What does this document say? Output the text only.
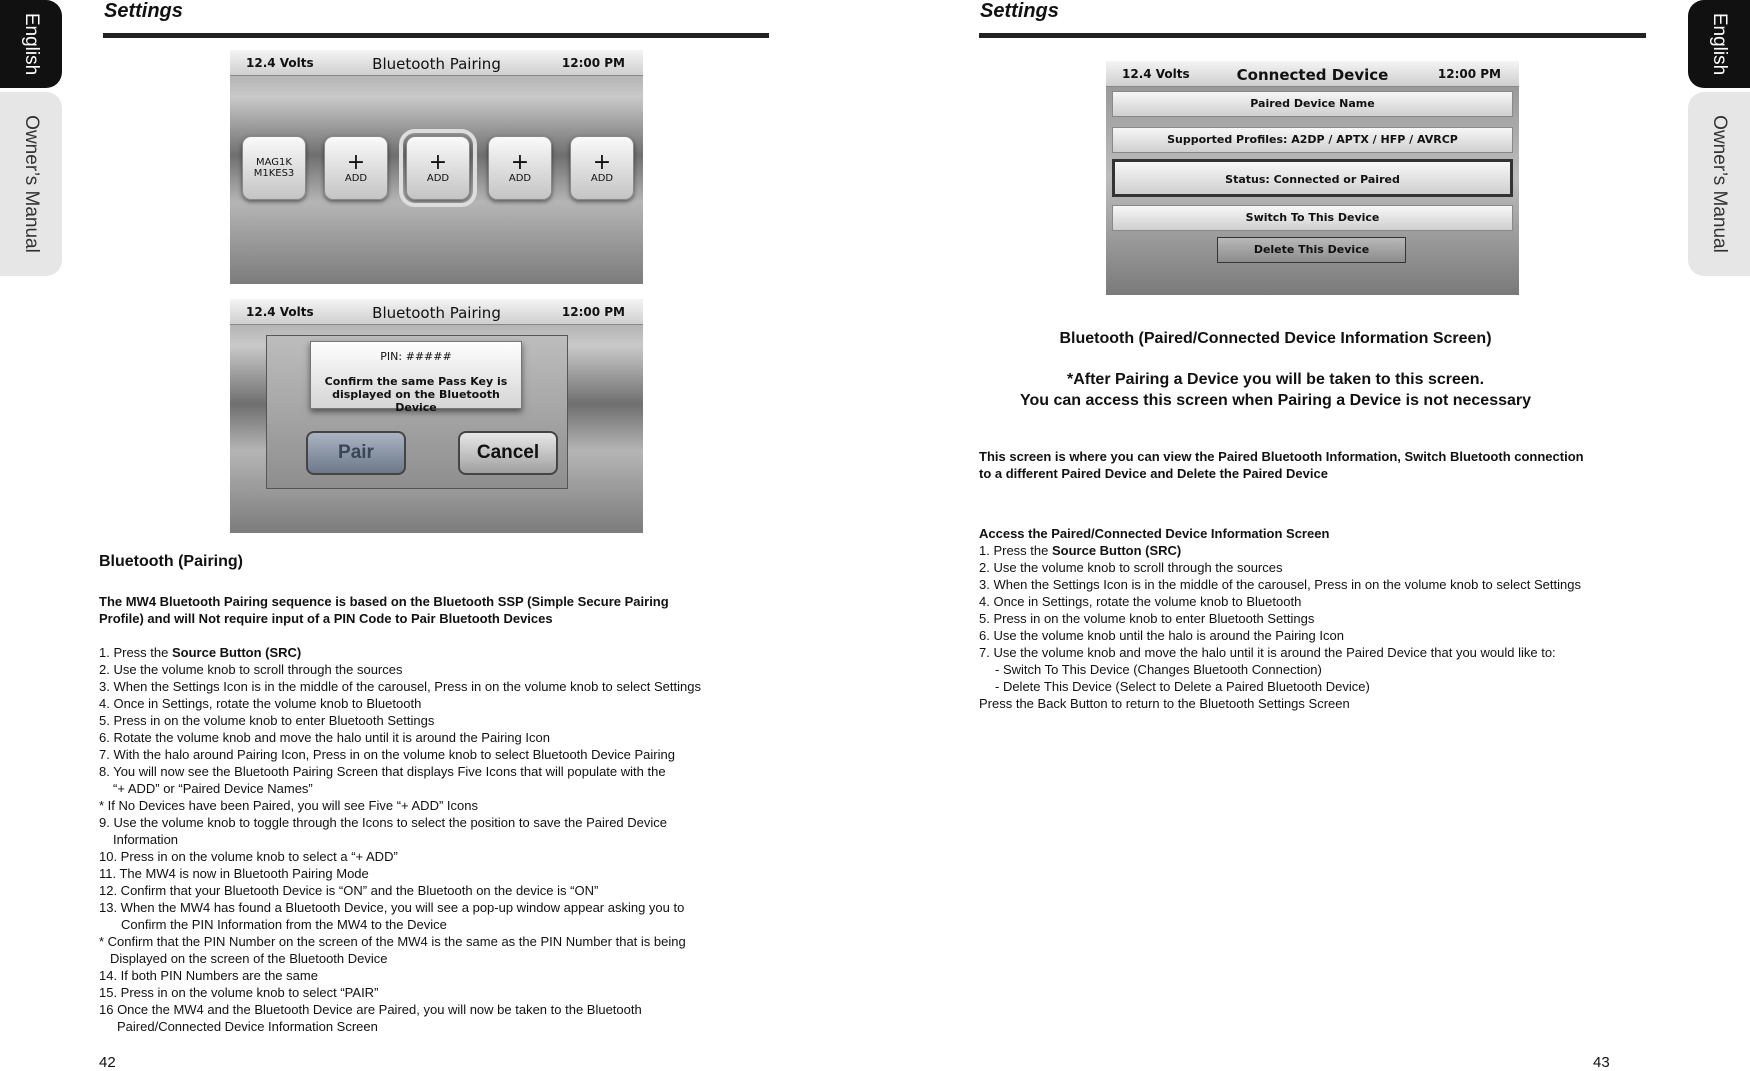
English
Owner’s Manual
Settings
12.4 Volts	Bluetooth Pairing	12:00 PM
MAG1K
M1KES3 +
ADD
+
ADD
+
ADD
+
ADD
12.4 Volts	Bluetooth Pairing	12:00 PM
PIN: #####
Confirm the same Pass Key is
displayed on the Bluetooth Device
Pair	Cancel
Bluetooth (Pairing)
The MW4 Bluetooth Pairing sequence is based on the Bluetooth SSP (Simple Secure Pairing
Profile) and will Not require input of a PIN Code to Pair Bluetooth Devices
1. Press the Source Button (SRC)
2. Use the volume knob to scroll through the sources
3. When the Settings Icon is in the middle of the carousel, Press in on the volume knob to select Settings
4. Once in Settings, rotate the volume knob to Bluetooth
5. Press in on the volume knob to enter Bluetooth Settings
6. Rotate the volume knob and move the halo until it is around the Pairing Icon
7. With the halo around Pairing Icon, Press in on the volume knob to select Bluetooth Device Pairing
8. You will now see the Bluetooth Pairing Screen that displays Five Icons that will populate with the
“+ ADD” or “Paired Device Names”
* If No Devices have been Paired, you will see Five “+ ADD” Icons
9. Use the volume knob to toggle through the Icons to select the position to save the Paired Device
Information
10. Press in on the volume knob to select a “+ ADD”
11. The MW4 is now in Bluetooth Pairing Mode
12. Confirm that your Bluetooth Device is “ON” and the Bluetooth on the device is “ON”
13. When the MW4 has found a Bluetooth Device, you will see a pop-up window appear asking you to
Confirm the PIN Information from the MW4 to the Device
* Confirm that the PIN Number on the screen of the MW4 is the same as the PIN Number that is being
Displayed on the screen of the Bluetooth Device
14. If both PIN Numbers are the same
15. Press in on the volume knob to select “PAIR”
16 Once the MW4 and the Bluetooth Device are Paired, you will now be taken to the Bluetooth
Paired/Connected Device Information Screen
42
English
Owner’s Manual
Settings
12.4 Volts	Connected Device	12:00 PM
Paired Device Name
Supported Profiles: A2DP / APTX / HFP / AVRCP
Status: Connected or Paired
Switch To This Device
Delete This Device
Bluetooth (Paired/Connected Device Information Screen)
*After Pairing a Device you will be taken to this screen.
You can access this screen when Pairing a Device is not necessary
This screen is where you can view the Paired Bluetooth Information, Switch Bluetooth connection
to a different Paired Device and Delete the Paired Device
Access the Paired/Connected Device Information Screen
1. Press the Source Button (SRC)
2. Use the volume knob to scroll through the sources
3. When the Settings Icon is in the middle of the carousel, Press in on the volume knob to select Settings
4. Once in Settings, rotate the volume knob to Bluetooth
5. Press in on the volume knob to enter Bluetooth Settings
6. Use the volume knob until the halo is around the Pairing Icon
7. Use the volume knob and move the halo until it is around the Paired Device that you would like to:
- Switch To This Device (Changes Bluetooth Connection)
- Delete This Device (Select to Delete a Paired Bluetooth Device)
Press the Back Button to return to the Bluetooth Settings Screen
43
